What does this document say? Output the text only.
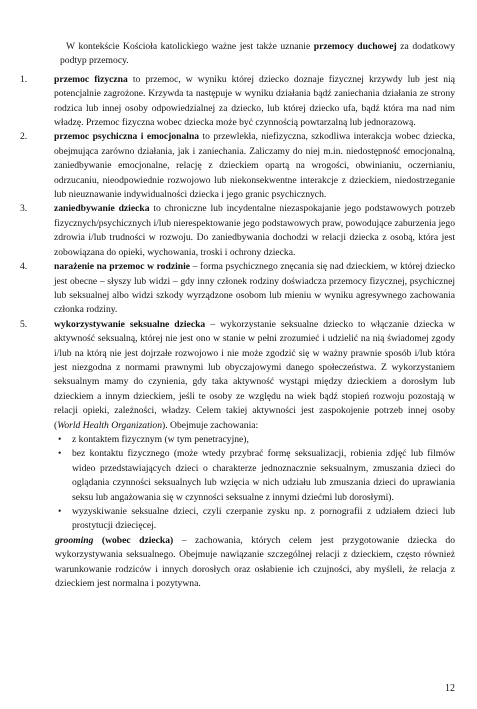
W kontekście Kościoła katolickiego ważne jest także uznanie przemocy duchowej za dodatkowy podtyp przemocy.

1.	przemoc fizyczna to przemoc, w wyniku której dziecko doznaje fizycznej krzywdy lub jest nią potencjalnie zagrożone. Krzywda ta następuje w wyniku działania bądź zaniechania działania ze strony rodzica lub innej osoby odpowiedzialnej za dziecko, lub której dziecko ufa, bądź która ma nad nim władzę. Przemoc fizyczna wobec dziecka może być czynnością powtarzalną lub jednorazową.
2.	przemoc psychiczna i emocjonalna to przewlekła, niefizyczna, szkodliwa interakcja wobec dziecka, obejmująca zarówno działania, jak i zaniechania. Zaliczamy do niej m.in. niedostępność emocjonalną, zaniedbywanie emocjonalne, relację z dzieckiem opartą na wrogości, obwinianiu, oczernianiu, odrzucaniu, nieodpowiednie rozwojowo lub niekonsekwentne interakcje z dzieckiem, niedostrzeganie lub nieuznawanie indywidualności dziecka i jego granic psychicznych.
3.	zaniedbywanie dziecka to chroniczne lub incydentalne niezaspokajanie jego podstawowych potrzeb fizycznych/psychicznych i/lub nierespektowanie jego podstawowych praw, powodujące zaburzenia jego zdrowia i/lub trudności w rozwoju. Do zaniedbywania dochodzi w relacji dziecka z osobą, która jest zobowiązana do opieki, wychowania, troski i ochrony dziecka.
4.	narażenie na przemoc w rodzinie – forma psychicznego znęcania się nad dzieckiem, w której dziecko jest obecne – słyszy lub widzi – gdy inny członek rodziny doświadcza przemocy fizycznej, psychicznej lub seksualnej albo widzi szkody wyrządzone osobom lub mieniu w wyniku agresywnego zachowania członka rodziny.
5.	wykorzystywanie seksualne dziecka – wykorzystanie seksualne dziecko to włączanie dziecka w aktywność seksualną, której nie jest ono w stanie w pełni zrozumieć i udzielić na nią świadomej zgody i/lub na którą nie jest dojrzałe rozwojowo i nie może zgodzić się w ważny prawnie sposób i/lub która jest niezgodna z normami prawnymi lub obyczajowymi danego społeczeństwa. Z wykorzystaniem seksualnym mamy do czynienia, gdy taka aktywność wystąpi między dzieckiem a dorosłym lub dzieckiem a innym dzieckiem, jeśli te osoby ze względu na wiek bądź stopień rozwoju pozostają w relacji opieki, zależności, władzy. Celem takiej aktywności jest zaspokojenie potrzeb innej osoby (World Health Organization). Obejmuje zachowania:
• z kontaktem fizycznym (w tym penetracyjne),
• bez kontaktu fizycznego (może wtedy przybrać formę seksualizacji, robienia zdjęć lub filmów wideo przedstawiających dzieci o charakterze jednoznacznie seksualnym, zmuszania dzieci do oglądania czynności seksualnych lub wzięcia w nich udziału lub zmuszania dzieci do uprawiania seksu lub angażowania się w czynności seksualne z innymi dziećmi lub dorosłymi).
• wyzyskiwanie seksualne dzieci, czyli czerpanie zysku np. z pornografii z udziałem dzieci lub prostytucji dziecięcej.

grooming (wobec dziecka) – zachowania, których celem jest przygotowanie dziecka do wykorzystywania seksualnego. Obejmuje nawiązanie szczególnej relacji z dzieckiem, często również warunkowanie rodziców i innych dorosłych oraz osłabienie ich czujności, aby myśleli, że relacja z dzieckiem jest normalna i pozytywna.

12
